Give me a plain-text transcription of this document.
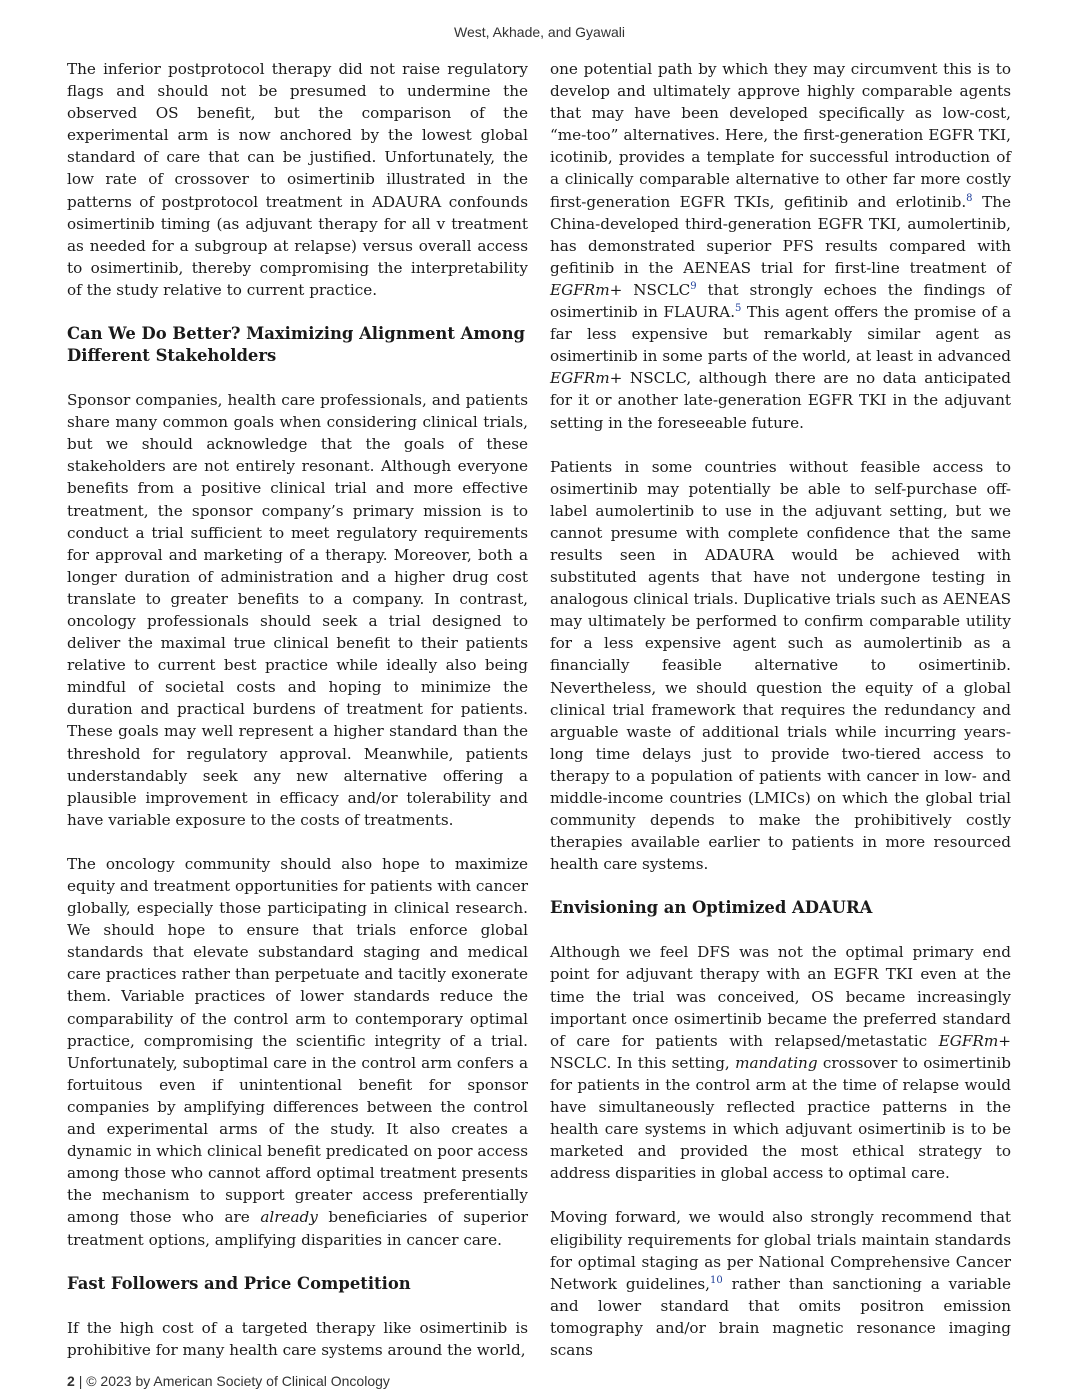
West, Akhade, and Gyawali

The inferior postprotocol therapy did not raise regulatory flags and should not be presumed to undermine the observed OS benefit, but the comparison of the experimental arm is now anchored by the lowest global standard of care that can be justified. Unfortunately, the low rate of crossover to osimertinib illustrated in the patterns of postprotocol treatment in ADAURA confounds osimertinib timing (as adjuvant therapy for all v treatment as needed for a subgroup at relapse) versus overall access to osimertinib, thereby compromising the interpretability of the study relative to current practice.

Can We Do Better? Maximizing Alignment Among Different Stakeholders

Sponsor companies, health care professionals, and patients share many common goals when considering clinical trials, but we should acknowledge that the goals of these stakeholders are not entirely resonant. Although everyone benefits from a positive clinical trial and more effective treatment, the sponsor company’s primary mission is to conduct a trial sufficient to meet regulatory requirements for approval and marketing of a therapy. Moreover, both a longer duration of administration and a higher drug cost translate to greater benefits to a company. In contrast, oncology professionals should seek a trial designed to deliver the maximal true clinical benefit to their patients relative to current best practice while ideally also being mindful of societal costs and hoping to minimize the duration and practical burdens of treatment for patients. These goals may well represent a higher standard than the threshold for regulatory approval. Meanwhile, patients understandably seek any new alternative offering a plausible improvement in efficacy and/or tolerability and have variable exposure to the costs of treatments.

The oncology community should also hope to maximize equity and treatment opportunities for patients with cancer globally, especially those participating in clinical research. We should hope to ensure that trials enforce global standards that elevate substandard staging and medical care practices rather than perpetuate and tacitly exonerate them. Variable practices of lower standards reduce the comparability of the control arm to contemporary optimal practice, compromising the scientific integrity of a trial. Unfortunately, suboptimal care in the control arm confers a fortuitous even if unintentional benefit for sponsor companies by amplifying differences between the control and experimental arms of the study. It also creates a dynamic in which clinical benefit predicated on poor access among those who cannot afford optimal treatment presents the mechanism to support greater access preferentially among those who are already beneficiaries of superior treatment options, amplifying disparities in cancer care.

Fast Followers and Price Competition

If the high cost of a targeted therapy like osimertinib is prohibitive for many health care systems around the world,

one potential path by which they may circumvent this is to develop and ultimately approve highly comparable agents that may have been developed specifically as low-cost, “me-too” alternatives. Here, the first-generation EGFR TKI, icotinib, provides a template for successful introduction of a clinically comparable alternative to other far more costly first-generation EGFR TKIs, gefitinib and erlotinib.$^8$ The China-developed third-generation EGFR TKI, aumolertinib, has demonstrated superior PFS results compared with gefitinib in the AENEAS trial for first-line treatment of EGFRm+ NSCLC$^9$ that strongly echoes the findings of osimertinib in FLAURA.$^5$ This agent offers the promise of a far less expensive but remarkably similar agent as osimertinib in some parts of the world, at least in advanced EGFRm+ NSCLC, although there are no data anticipated for it or another late-generation EGFR TKI in the adjuvant setting in the foreseeable future.

Patients in some countries without feasible access to osimertinib may potentially be able to self-purchase off-label aumolertinib to use in the adjuvant setting, but we cannot presume with complete confidence that the same results seen in ADAURA would be achieved with substituted agents that have not undergone testing in analogous clinical trials. Duplicative trials such as AENEAS may ultimately be performed to confirm comparable utility for a less expensive agent such as aumolertinib as a financially feasible alternative to osimertinib. Nevertheless, we should question the equity of a global clinical trial framework that requires the redundancy and arguable waste of additional trials while incurring years-long time delays just to provide two-tiered access to therapy to a population of patients with cancer in low- and middle-income countries (LMICs) on which the global trial community depends to make the prohibitively costly therapies available earlier to patients in more resourced health care systems.

Envisioning an Optimized ADAURA

Although we feel DFS was not the optimal primary end point for adjuvant therapy with an EGFR TKI even at the time the trial was conceived, OS became increasingly important once osimertinib became the preferred standard of care for patients with relapsed/metastatic EGFRm+ NSCLC. In this setting, mandating crossover to osimertinib for patients in the control arm at the time of relapse would have simultaneously reflected practice patterns in the health care systems in which adjuvant osimertinib is to be marketed and provided the most ethical strategy to address disparities in global access to optimal care.

Moving forward, we would also strongly recommend that eligibility requirements for global trials maintain standards for optimal staging as per National Comprehensive Cancer Network guidelines,$^{10}$ rather than sanctioning a variable and lower standard that omits positron emission tomography and/or brain magnetic resonance imaging scans

2 | © 2023 by American Society of Clinical Oncology
